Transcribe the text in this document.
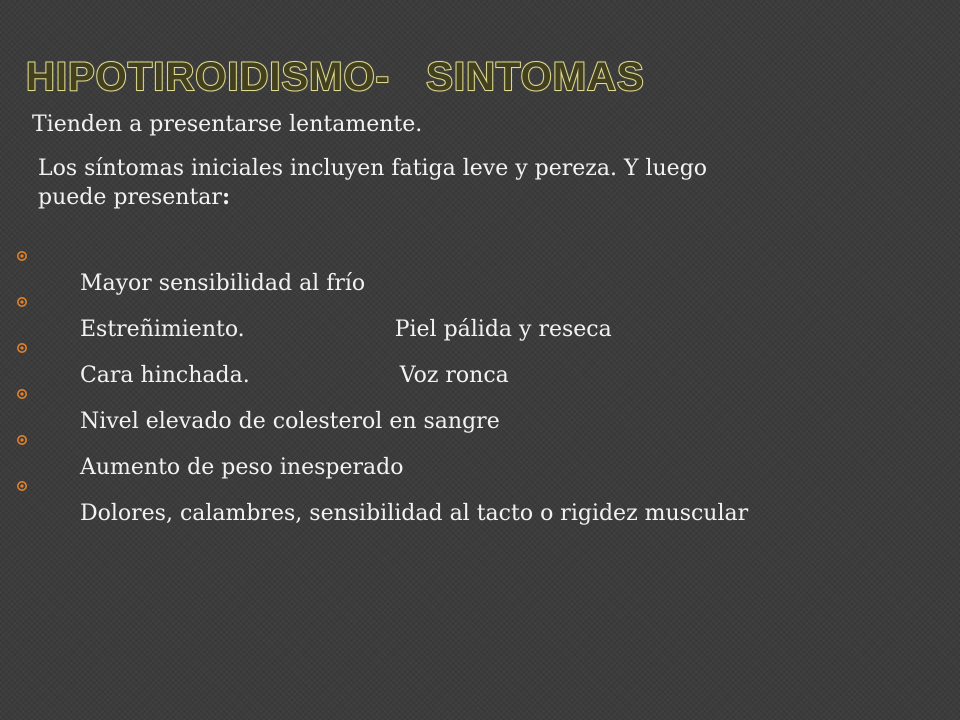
HIPOTIROIDISMO-   SINTOMAS

Tienden a presentarse lentamente.

Los síntomas iniciales incluyen fatiga leve y pereza. Y luego
puede presentar:

Mayor sensibilidad al frío

Estreñimiento.	Piel pálida y reseca

Cara hinchada.	Voz ronca

Nivel elevado de colesterol en sangre

Aumento de peso inesperado

Dolores, calambres, sensibilidad al tacto o rigidez muscular
